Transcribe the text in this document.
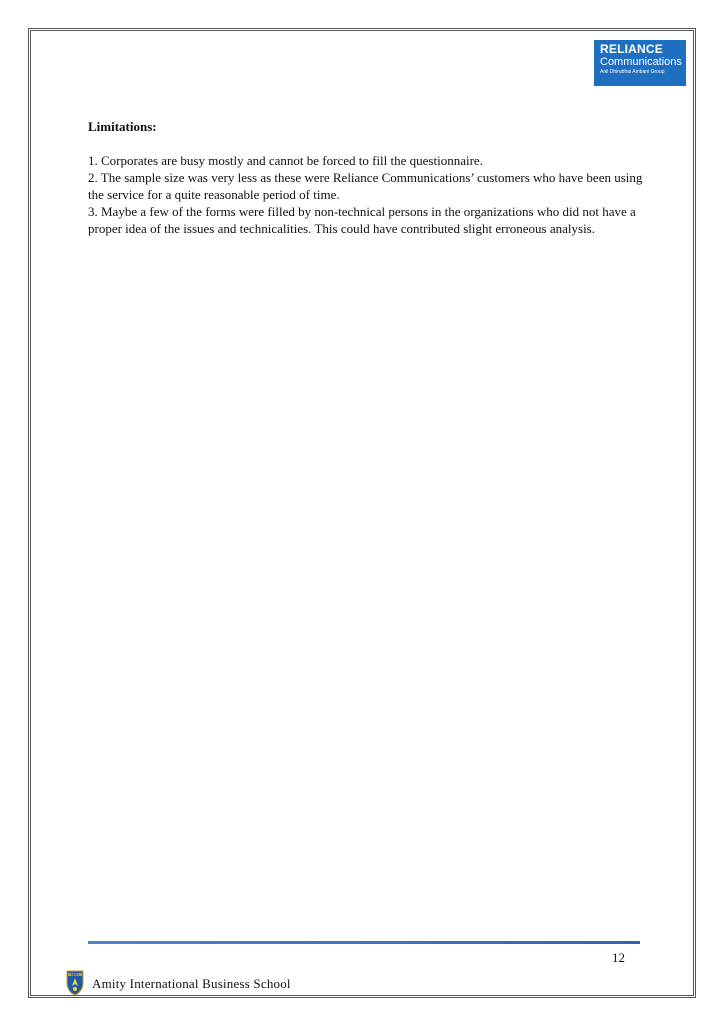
RELIANCE
Communications
Anil Dhirubhai Ambani Group

Limitations:

1. Corporates are busy mostly and cannot be forced to fill the questionnaire.

2. The sample size was very less as these were Reliance Communications’ customers who have been using the service for a quite reasonable period of time.

3. Maybe a few of the forms were filled by non-technical persons in the organizations who did not have a proper idea of the issues and technicalities. This could have contributed slight erroneous analysis.

12
AMITY
Amity International Business School
